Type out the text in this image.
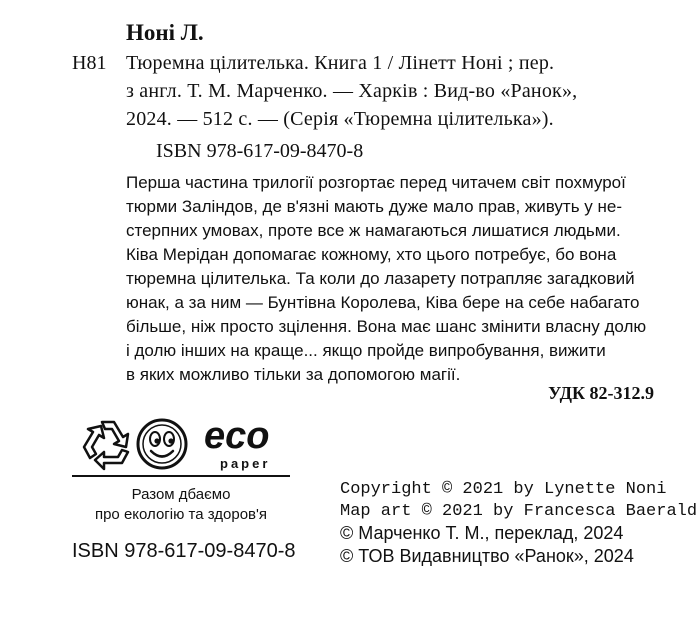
Ноні Л.
Н81 Тюремна цілителька. Книга 1 / Лінетт Ноні ; пер.
з англ. Т. М. Марченко. — Харків : Вид-во «Ранок»,
2024. — 512 с. — (Серія «Тюремна цілителька»).
ISBN 978-617-09-8470-8
Перша частина трилогії розгортає перед читачем світ похмурої
тюрми Заліндов, де в'язні мають дуже мало прав, живуть у не-
стерпних умовах, проте все ж намагаються лишатися людьми.
Ківа Мерідан допомагає кожному, хто цього потребує, бо вона
тюремна цілителька. Та коли до лазарету потрапляє загадковий
юнак, а за ним — Бунтівна Королева, Ківа бере на себе набагато
більше, ніж просто зцілення. Вона має шанс змінити власну долю
і долю інших на краще... якщо пройде випробування, вижити
в яких можливо тільки за допомогою магії.
УДК 82-312.9
eco
paper
Разом дбаємо
про екологію та здоров'я
ISBN 978-617-09-8470-8
Copyright © 2021 by Lynette Noni
Map art © 2021 by Francesca Baerald
© Марченко Т. М., переклад, 2024
© ТОВ Видавництво «Ранок», 2024
